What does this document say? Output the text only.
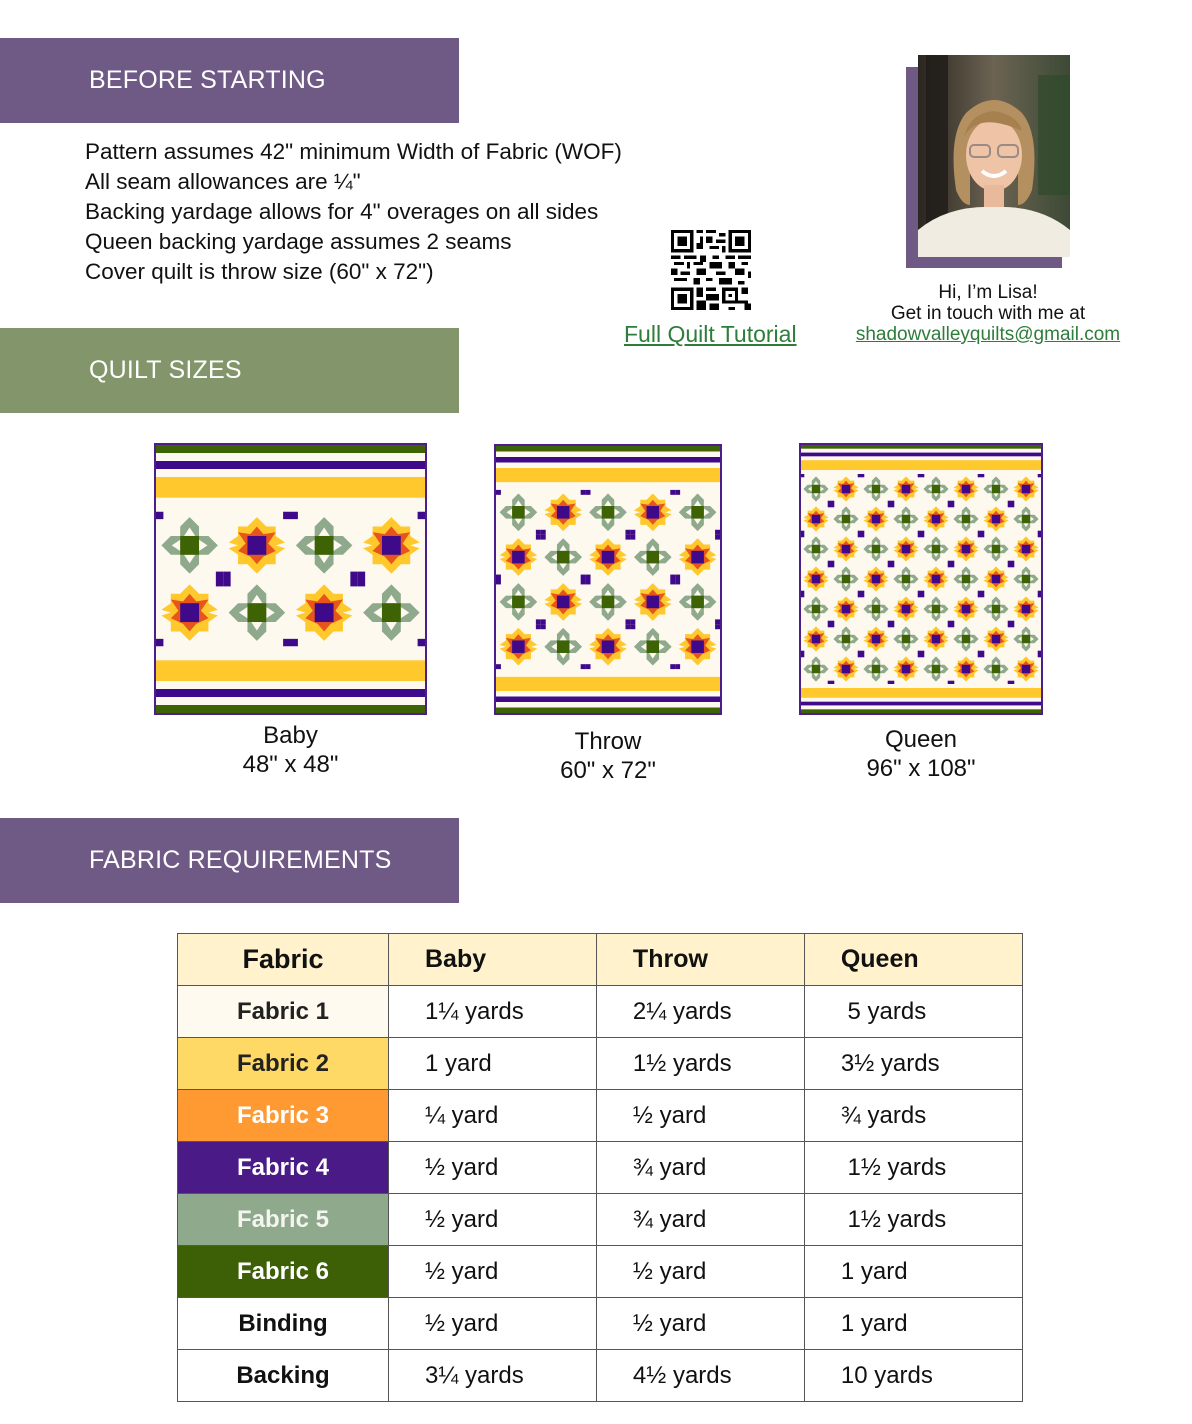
BEFORE STARTING
QUILT SIZES
FABRIC REQUIREMENTS
Pattern assumes 42" minimum Width of Fabric (WOF)
All seam allowances are ¼"
Backing yardage allows for 4" overages on all sides
Queen backing yardage assumes 2 seams
Cover quilt is throw size (60" x 72")
Full Quilt Tutorial
Hi, I’m Lisa!
Get in touch with me at
shadowvalleyquilts@gmail.com
Baby
48" x 48"
Throw
60" x 72"
Queen
96" x 108"
Fabric	Baby	Throw	Queen
Fabric 1	1¼ yards	2¼ yards	5 yards
Fabric 2	1 yard	1½ yards	3½ yards
Fabric 3	¼ yard	½ yard	¾ yards
Fabric 4	½ yard	¾ yard	1½ yards
Fabric 5	½ yard	¾ yard	1½ yards
Fabric 6	½ yard	½ yard	1 yard
Binding	½ yard	½ yard	1 yard
Backing	3¼ yards	4½ yards	10 yards
